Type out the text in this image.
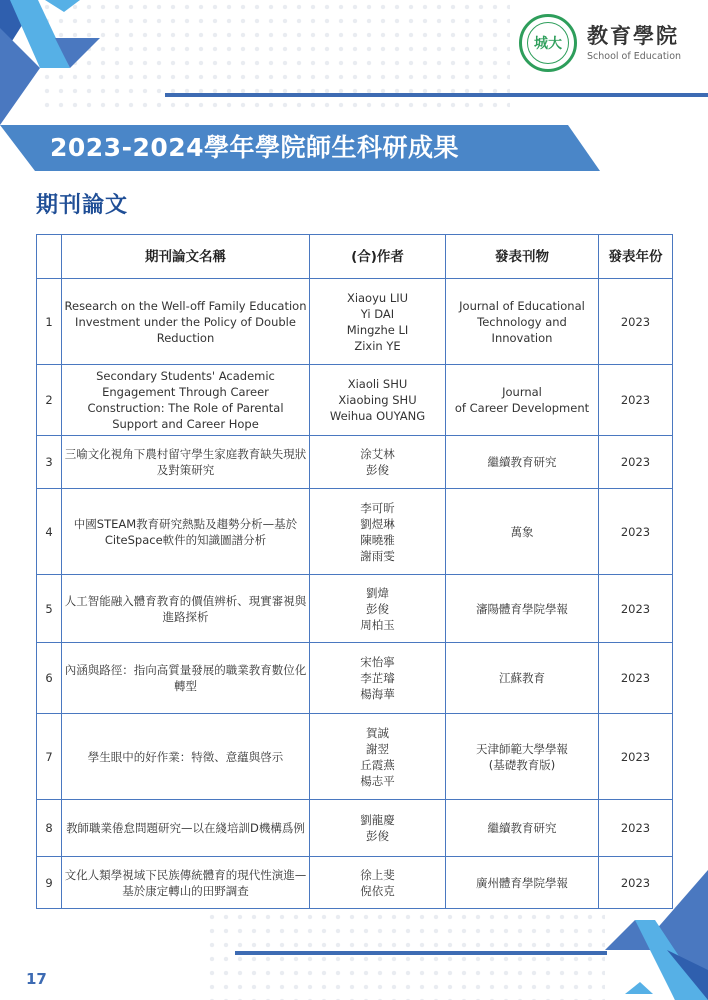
城大 教育學院
School of Education
2023-2024學年學院師生科研成果
期刊論文
	期刊論文名稱	(合)作者	發表刊物	發表年份
1	Research on the Well-off Family Education Investment under the Policy of Double Reduction	Xiaoyu LIU
Yi DAI
Mingzhe LI
Zixin YE	Journal of Educational
Technology and Innovation	2023
2	Secondary Students' Academic Engagement Through Career Construction: The Role of Parental Support and Career Hope	Xiaoli SHU
Xiaobing SHU
Weihua OUYANG	Journal
of Career Development	2023
3	三喻文化視角下農村留守學生家庭教育缺失現狀及對策研究	涂艾林
彭俊	繼續教育研究	2023
4	中國STEAM教育研究熱點及趨勢分析—基於CiteSpace軟件的知識圖譜分析	李可昕
劉煜琳
陳曉雅
謝雨雯	萬象	2023
5	人工智能融入體育教育的價值辨析、現實審視與進路探析	劉煒
彭俊
周柏玉	瀋陽體育學院學報	2023
6	內涵與路徑：指向高質量發展的職業教育數位化轉型	宋怡寧
李芷璿
楊海華	江蘇教育	2023
7	學生眼中的好作業：特徵、意蘊與啓示	賀誠
謝翌
丘霞燕
楊志平	天津師範大學學報
(基礎教育版)	2023
8	教師職業倦怠問題研究—以在綫培訓D機構爲例	劉龍慶
彭俊	繼續教育研究	2023
9	文化人類學視域下民族傳統體育的現代性演進—基於康定轉山的田野調查	徐上斐
倪依克	廣州體育學院學報	2023
17
